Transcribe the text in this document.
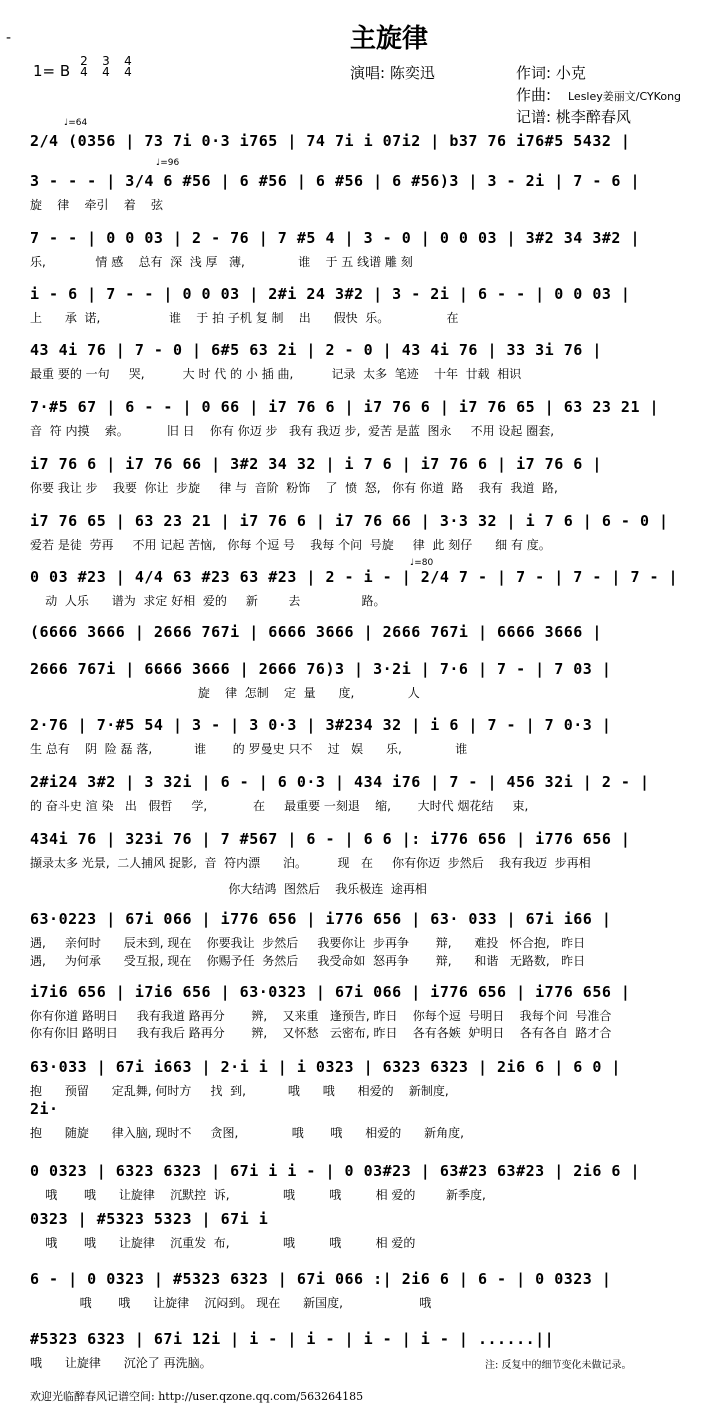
-	主旋律
1= B
2
4
3
4
4
4	演唱: 陈奕迅	作词: 小克
作曲: Lesley姜丽文/CYKong
记谱: 桃李醉春风
♩=64
♩=96
♩=80
2/4 (0356 | 73 7i 0·3 i765 | 74 7i i 07i2 | b37 76 i76#5 5432 |
3 - - - | 3/4 6 #56 | 6 #56 | 6 #56 | 6 #56)3 | 3 - 2i | 7 - 6 |
旋    律    牵引    着    弦
7 - - | 0 0 03 | 2 - 76 | 7 #5 4 | 3 - 0 | 0 0 03 | 3#2 34 3#2 |
乐,             情 感    总有  深  浅 厚   薄,              谁    于 五 线谱 雕 刻
i - 6 | 7 - - | 0 0 03 | 2#i 24 3#2 | 3 - 2i | 6 - - | 0 0 03 |
上      承  诺,                  谁    于 拍 子机 复 制    出      假快  乐。               在
43 4i 76 | 7 - 0 | 6#5 63 2i | 2 - 0 | 43 4i 76 | 33 3i 76 |
最重 要的 一句     哭,          大 时 代 的 小 插 曲,          记录  太多  笔迹    十年  廿载  相识
7·#5 67 | 6 - - | 0 66 | i7 76 6 | i7 76 6 | i7 76 65 | 63 23 21 |
音  符 内摸    索。          旧 日    你有 你迈 步   我有 我迈 步,  爱苦 是蓝  图永     不用 设起 圈套,
i7 76 6 | i7 76 66 | 3#2 34 32 | i 7 6 | i7 76 6 | i7 76 6 |
你要 我让 步    我要  你让  步旋     律 与  音阶  粉饰    了  愤  怒,   你有 你道  路    我有  我道  路,
i7 76 65 | 63 23 21 | i7 76 6 | i7 76 66 | 3·3 32 | i 7 6 | 6 - 0 |
爱若 是徒  劳再     不用 记起 苦恼,   你每 个逗 号    我每 个问  号旋     律  此 刻仔      细 有 度。
0 03 #23 | 4/4 63 #23 63 #23 | 2 - i - | 2/4 7 - | 7 - | 7 - | 7 - |
动  人乐      谱为  求定 好相  爱的     新        去                路。
(6666 3666 | 2666 767i | 6666 3666 | 2666 767i | 6666 3666 |
2666 767i | 6666 3666 | 2666 76)3 | 3·2i | 7·6 | 7 - | 7 03 |
旋    律  怎制    定  量      度,              人
2·76 | 7·#5 54 | 3 - | 3 0·3 | 3#234 32 | i 6 | 7 - | 7 0·3 |
生 总有    阴  险 磊 落,           谁       的 罗曼史 只不    过   娱      乐,              谁
2#i24 3#2 | 3 32i | 6 - | 6 0·3 | 434 i76 | 7 - | 456 32i | 2 - |
的 奋斗史 渲 染   出   假哲     学,            在     最重要 一刻退    缩,       大时代 烟花结     束,
434i 76 | 323i 76 | 7 #567 | 6 - | 6 6 |: i776 656 | i776 656 |
撷录太多 光景,  二人捕风 捉影,  音  符内漂      泊。        现   在     你有你迈  步然后    我有我迈  步再相
你大结鸿  图然后    我乐极连  途再相
63·0223 | 67i 066 | i776 656 | i776 656 | 63· 033 | 67i i66 |
遇,     亲何时      辰未到, 现在    你要我让  步然后     我要你让  步再争       辩,      难投   怀合抱,   昨日
遇,     为何承      受互报, 现在    你赐予任  务然后     我受命如  怒再争       辩,      和谐   无路数,   昨日
i7i6 656 | i7i6 656 | 63·0323 | 67i 066 | i776 656 | i776 656 |
你有你道 路明日     我有我道 路再分       辨,    又来重   逢预告, 昨日    你每个逗  号明日    我每个问  号准合
你有你旧 路明日     我有我后 路再分       辨,    又怀愁   云密布, 昨日    各有各嫉  妒明日    各有各自  路才合
63·033 | 67i i663 | 2·i i | i 0323 | 6323 6323 | 2i6 6 | 6 0 |
抱      预留      定乱舞, 何时方     找  到,           哦      哦      相爱的    新制度,
2i·
抱      随旋      律入脑, 现时不     贪图,              哦       哦      相爱的      新角度,
0 0323 | 6323 6323 | 67i i i - | 0 03#23 | 63#23 63#23 | 2i6 6 |
哦       哦      让旋律    沉默控  诉,              哦         哦         相 爱的        新季度,
0323 | #5323 5323 | 67i i
哦       哦      让旋律    沉重发  布,              哦         哦         相 爱的
6 - | 0 0323 | #5323 6323 | 67i 066 :| 2i6 6 | 6 - | 0 0323 |
哦       哦      让旋律    沉闷到。 现在      新国度,                    哦
#5323 6323 | 67i 12i | i - | i - | i - | i - | ......||
哦      让旋律      沉沦了 再洗脑。	注: 反复中的细节变化未做记录。
欢迎光临醉春风记谱空间: http://user.qzone.qq.com/563264185
